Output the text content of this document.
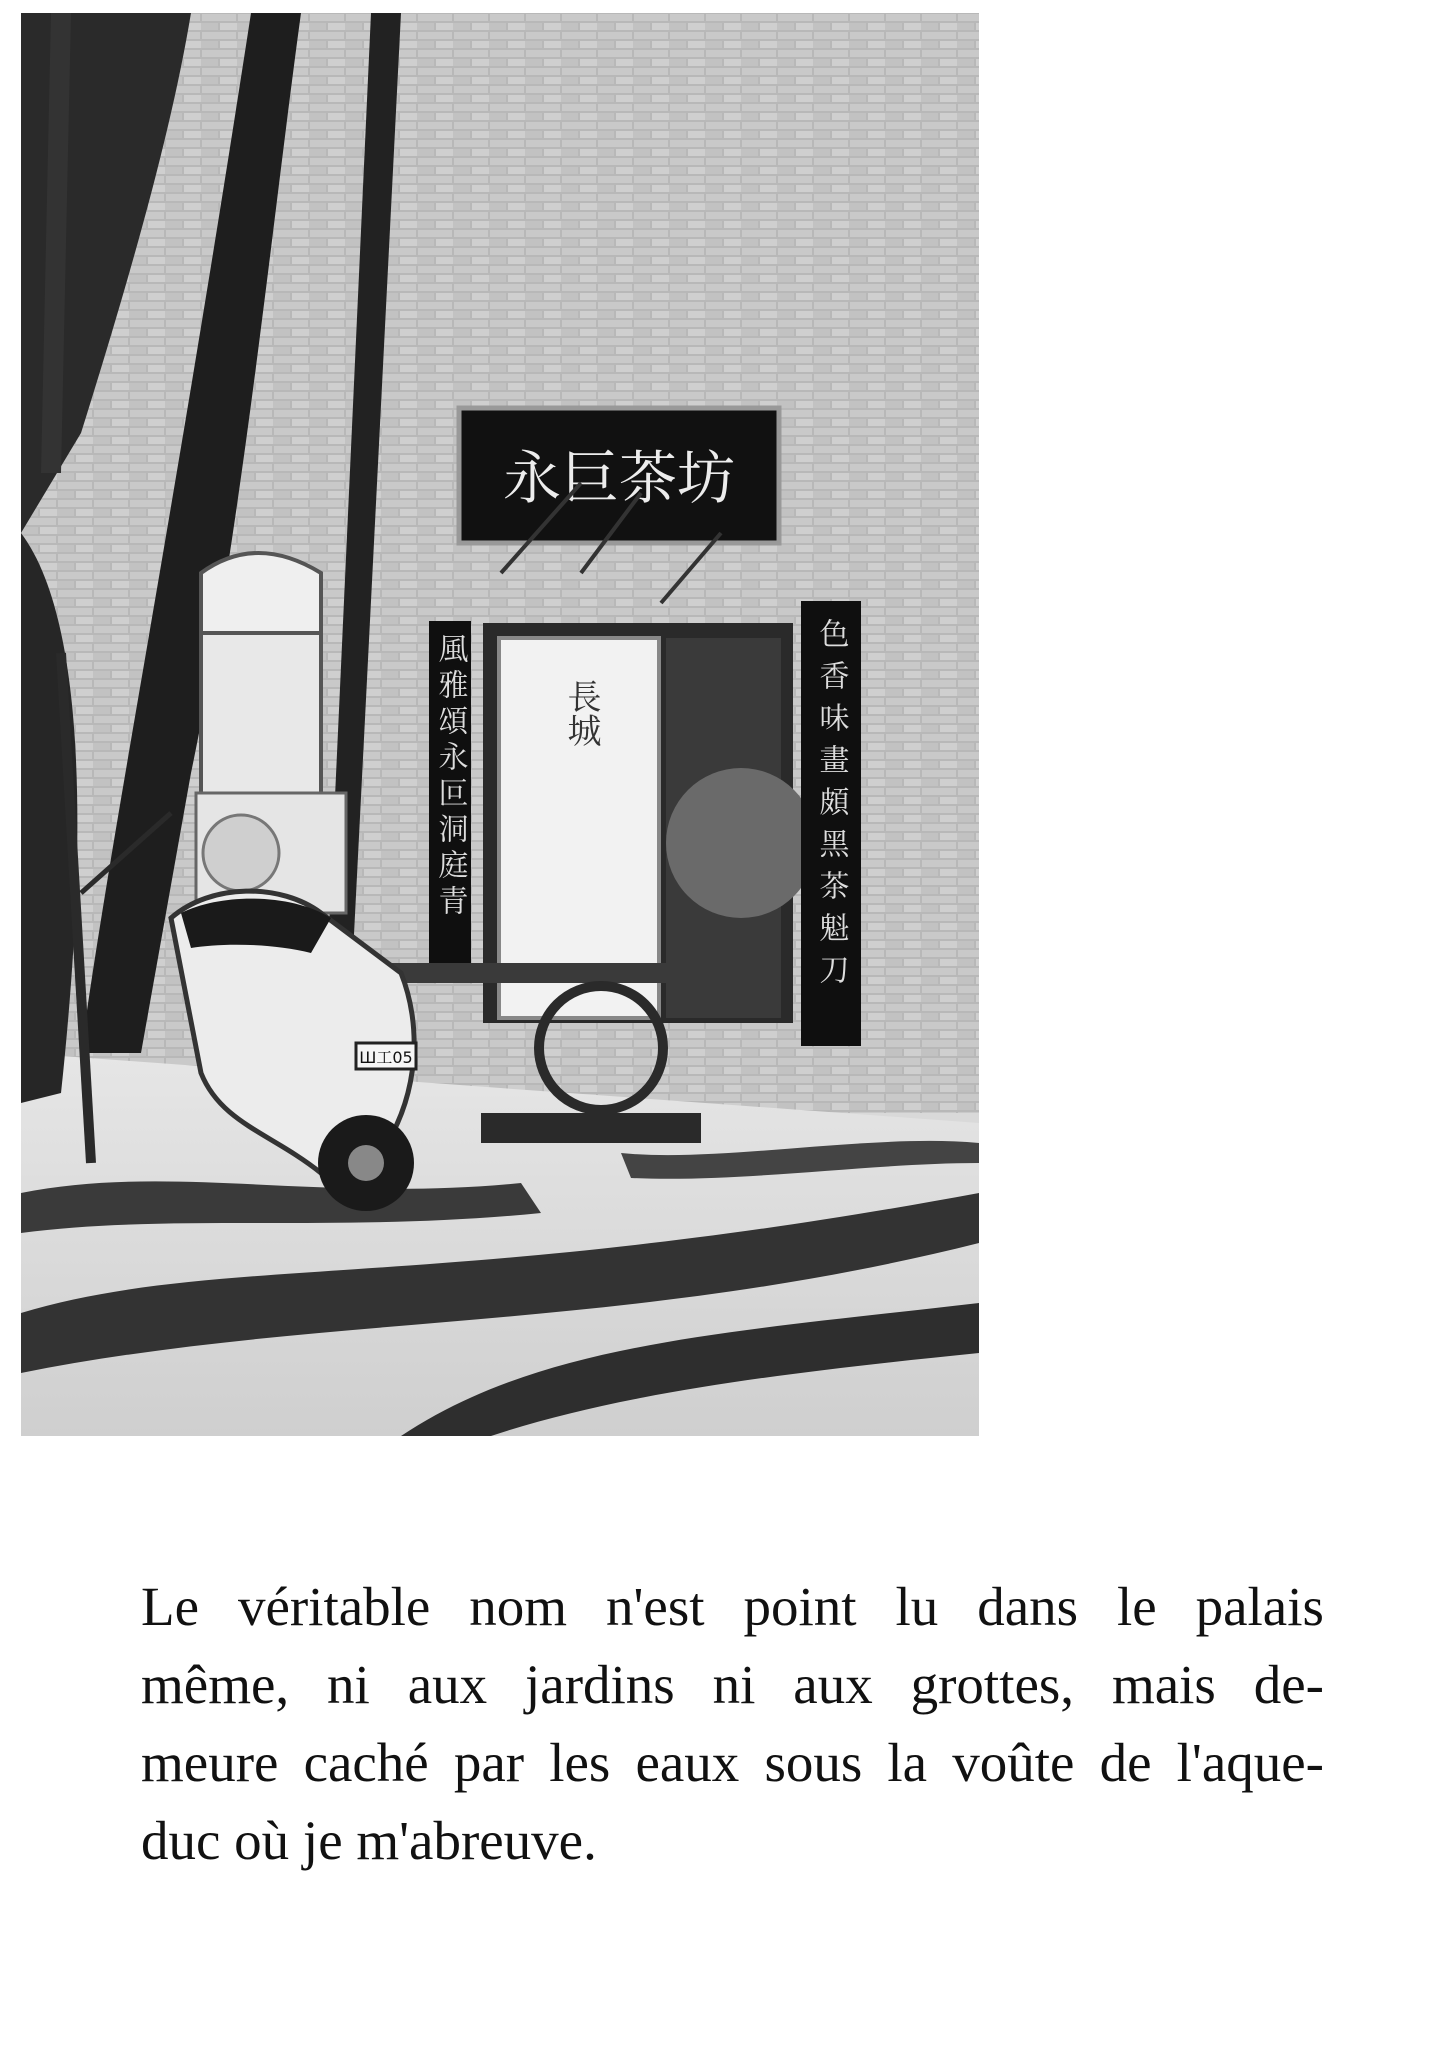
永巨茶坊
長城
風雅頌永叵洞庭青	色香味畫頗黑茶魁刀
Ш工05
Le véritable nom n'est point lu dans le palais
même, ni aux jardins ni aux grottes, mais de-
meure caché par les eaux sous la voûte de l'aque-
duc où je m'abreuve.
